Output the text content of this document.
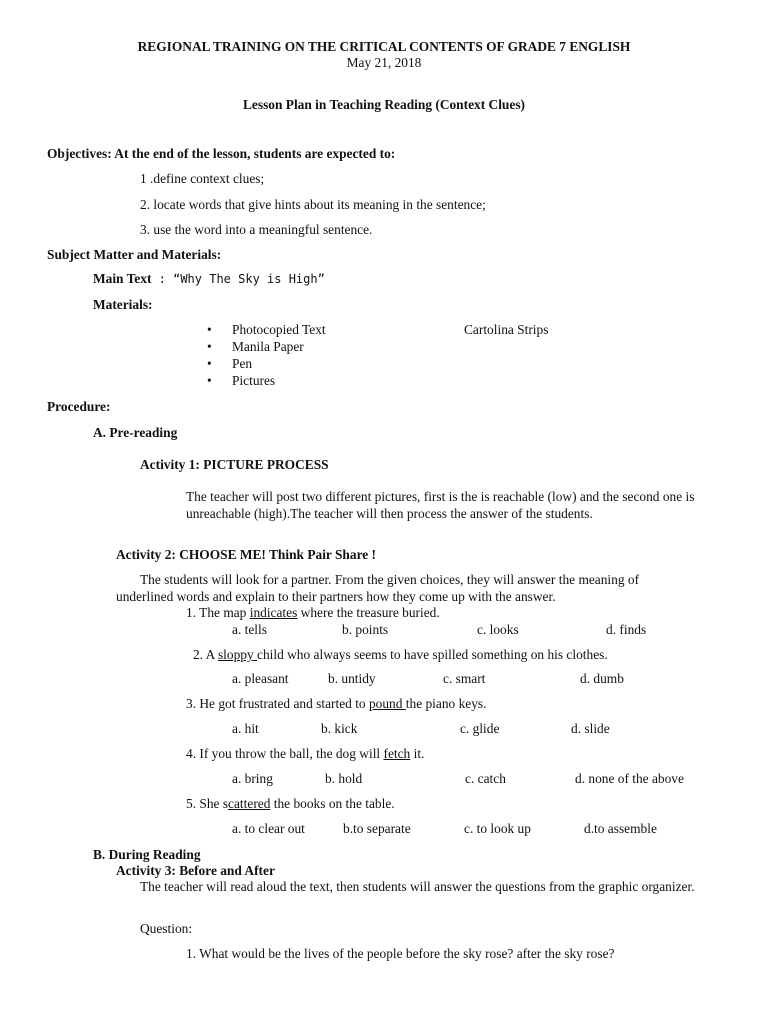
REGIONAL TRAINING ON THE CRITICAL CONTENTS OF GRADE 7 ENGLISH
May 21, 2018
Lesson Plan in Teaching Reading (Context Clues)
Objectives: At the end of the lesson, students are expected to:
1 .define context clues;
2. locate words that give hints about its meaning in the sentence;
3. use the word into a meaningful sentence.
Subject Matter and Materials:
Main Text : “Why The Sky is High”
Materials:
• Photocopied Text	Cartolina Strips
• Manila Paper
• Pen
• Pictures
Procedure:
A. Pre-reading
Activity 1: PICTURE PROCESS
The teacher will post two different pictures, first is the is reachable (low) and the second one is unreachable (high).The teacher will then process the answer of the students.
Activity 2: CHOOSE ME! Think Pair Share !
The students will look for a partner. From the given choices, they will answer the meaning of
underlined words and explain to their partners how they come up with the answer.
1. The map indicates where the treasure buried.
a. tells	b. points	c. looks	d. finds
2. A sloppy child who always seems to have spilled something on his clothes.
a. pleasant	b. untidy	c. smart	d. dumb
3. He got frustrated and started to pound the piano keys.
a. hit	b. kick	c. glide	d. slide
4. If you throw the ball, the dog will fetch it.
a. bring	b. hold	c. catch	d. none of the above
5. She scattered the books on the table.
a. to clear out	b.to separate	c. to look up	d.to assemble
B. During Reading
Activity 3: Before and After
The teacher will read aloud the text, then students will answer the questions from the graphic organizer.
Question:
1. What would be the lives of the people before the sky rose? after the sky rose?
